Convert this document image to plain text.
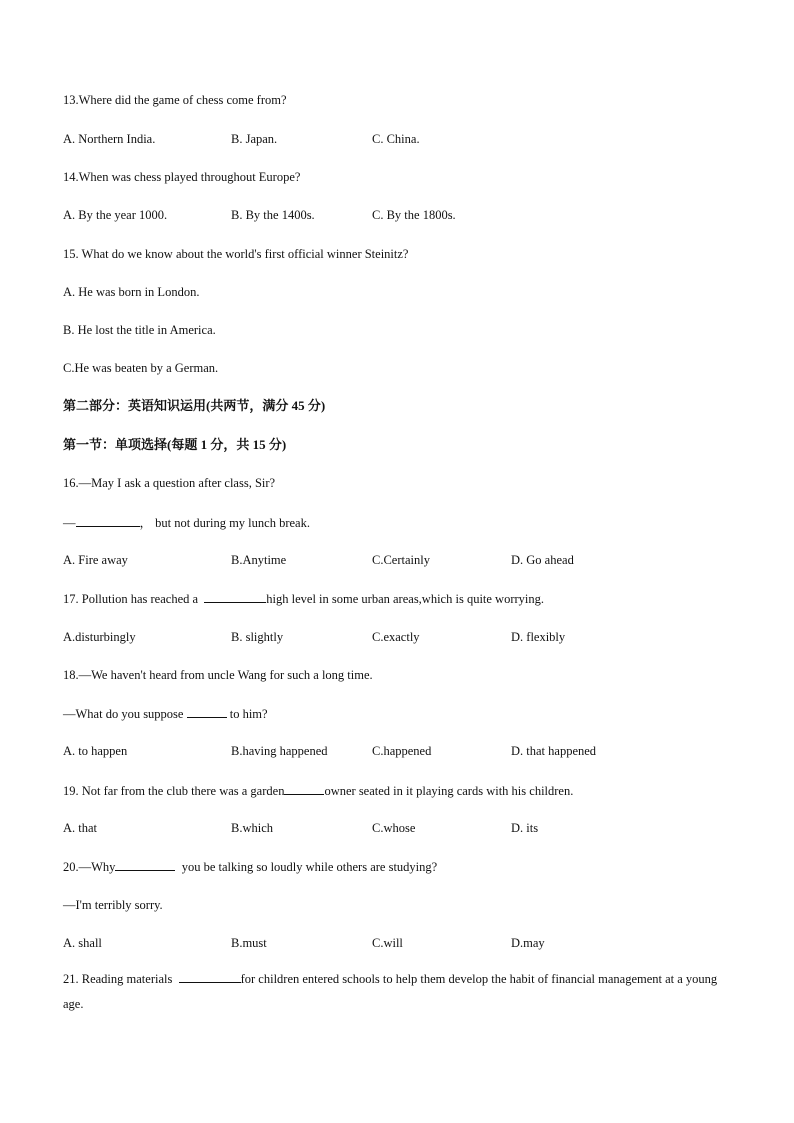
13.Where did the game of chess come from?
A. Northern India.	B. Japan.	C. China.
14.When was chess played throughout Europe?
A. By the year 1000.	B. By the 1400s.	C. By the 1800s.
15. What do we know about the world's first official winner Steinitz?
A. He was born in London.
B. He lost the title in America.
C.He was beaten by a German.
第二部分：英语知识运用(共两节，满分 45 分)
第一节：单项选择(每题 1 分，共 15 分)
16.—May I ask a question after class, Sir?
—	， but not during my lunch break.
A. Fire away	B.Anytime	C.Certainly	D. Go ahead
17. Pollution has reached a	high level in some urban areas,which is quite worrying.
A.disturbingly	B. slightly	C.exactly	D. flexibly
18.—We haven't heard from uncle Wang for such a long time.
—What do you suppose	to him?
A. to happen	B.having happened	C.happened	D. that happened
19. Not far from the club there was a garden	owner seated in it playing cards with his children.
A. that	B.which	C.whose	D. its
20.—Why	you be talking so loudly while others are studying?
—I'm terribly sorry.
A. shall	B.must	C.will	D.may
21. Reading materials	for children entered schools to help them develop the habit of financial management at a young age.
